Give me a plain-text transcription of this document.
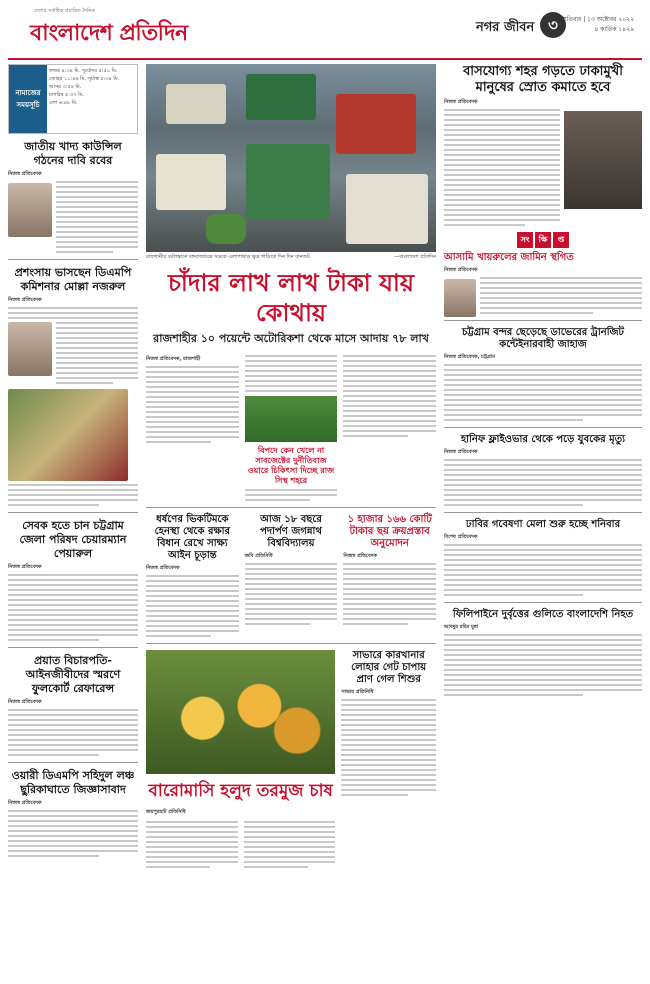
দেশের সর্বাধিক প্রচারিত দৈনিক
বাংলাদেশ প্রতিদিন	নগর জীবন ৩
বৃহস্পতিবার | ১৩ অক্টোবর ২০২২
৪ কার্তিক ১৪২৯
নামাজের সময়সূচি
ফজর ৪:৩৪ মি. সূর্যোদয় ৫:৫০ মি.
জোহর ১১:৪৬ মি. সূর্যাস্ত ৫:৩৪ মি.
আসর ৩:৫৪ মি.
মাগরিব ৫:৩৭ মি.
এশা ৬:৪৮ মি.
জাতীয় খাদ্য কাউন্সিল গঠনের দাবি রবের
নিজস্ব প্রতিবেদক
প্রশংসায় ভাসছেন ডিএমপি কমিশনার মোল্লা নজরুল
নিজস্ব প্রতিবেদক
সেবক হতে চান চট্টগ্রাম জেলা পরিষদ চেয়ারম্যান পেয়ারুল
নিজস্ব প্রতিবেদক
প্রয়াত বিচারপতি-আইনজীবীদের স্মরণে ফুলকোর্ট রেফারেন্স
নিজস্ব প্রতিবেদক
ওয়ারী ডিএমপি সহিদুল লঞ্চ ছুরিকাঘাতে জিজ্ঞাসাবাদ
নিজস্ব প্রতিবেদক
রাজধানীর গুলিস্তানে বঙ্গবাজারের সড়কে এলাপাথাড় ক্ষুদ্র গাড়িতে দিন দিন যানজট	—বাংলাদেশ প্রতিদিন
চাঁদার লাখ লাখ টাকা যায় কোথায়
রাজশাহীর ১০ পয়েন্টে অটোরিকশা থেকে মাসে আদায় ৭৮ লাখ
নিজস্ব প্রতিবেদক, রাজশাহী
বিপদে কেন খেলে না সাবজেক্টের দুর্নীতিবাজ ওয়ারে চিকিৎসা দিচ্ছে রাজ সিস্থ শহরে
ধর্ষণের ভিকটিমকে হেনস্থা থেকে রক্ষার বিধান রেখে সাক্ষ্য আইন চূড়ান্ত
নিজস্ব প্রতিবেদক
আজ ১৮ বছরে পদার্পণ জগন্নাথ বিশ্ববিদ্যালয়
জবি প্রতিনিধি
১ হাজার ১৬৬ কোটি টাকার ছয় ক্রয়প্রস্তাব অনুমোদন
নিজস্ব প্রতিবেদক
বারোমাসি হলুদ তরমুজ চাষ
জয়পুরহাট প্রতিনিধি
সাভারে কারখানার লোহার গেট চাপায় প্রাণ গেল শিশুর
সাভার প্রতিনিধি
বাসযোগ্য শহর গড়তে ঢাকামুখী মানুষের স্রোত কমাতে হবে
নিজস্ব প্রতিবেদক
সং	ক্ষি	প্ত
আসামি খায়রুলের জামিন স্থগিত
নিজস্ব প্রতিবেদক
চট্টগ্রাম বন্দর ছেড়েছে ডাভেরের ট্রানজিট কন্টেইনারবাহী জাহাজ
নিজস্ব প্রতিবেদক, চট্টগ্রাম
হানিফ ফ্লাইওভার থেকে পড়ে যুবকের মৃত্যু
নিজস্ব প্রতিবেদক
ঢাবির গবেষণা মেলা শুরু হচ্ছে শনিবার
বিশেষ প্রতিবেদক
ফিলিপাইনে দুর্বৃত্তের গুলিতে বাংলাদেশি নিহত
আবদুর রহিম মুন্না
